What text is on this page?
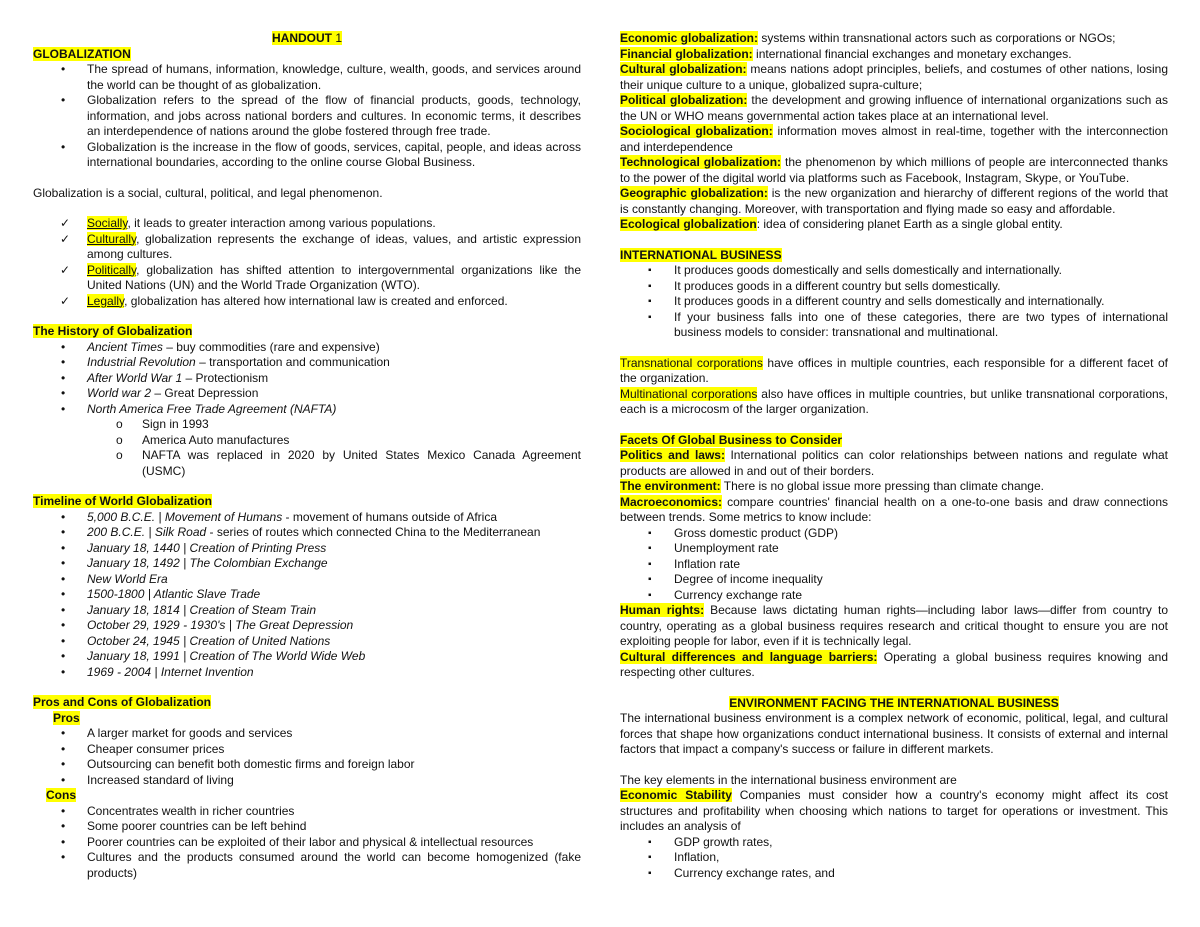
HANDOUT 1
GLOBALIZATION
• The spread of humans, information, knowledge, culture, wealth, goods, and services around the world can be thought of as globalization.
• Globalization refers to the spread of the flow of financial products, goods, technology, information, and jobs across national borders and cultures. In economic terms, it describes an interdependence of nations around the globe fostered through free trade.
• Globalization is the increase in the flow of goods, services, capital, people, and ideas across international boundaries, according to the online course Global Business.

Globalization is a social, cultural, political, and legal phenomenon.

✓ Socially, it leads to greater interaction among various populations.
✓ Culturally, globalization represents the exchange of ideas, values, and artistic expression among cultures.
✓ Politically, globalization has shifted attention to intergovernmental organizations like the United Nations (UN) and the World Trade Organization (WTO).
✓ Legally, globalization has altered how international law is created and enforced.
The History of Globalization
• Ancient Times – buy commodities (rare and expensive)
• Industrial Revolution – transportation and communication
• After World War 1 – Protectionism
• World war 2 – Great Depression
• North America Free Trade Agreement (NAFTA)
o Sign in 1993
o America Auto manufactures
o NAFTA was replaced in 2020 by United States Mexico Canada Agreement (USMC)
Timeline of World Globalization
• 5,000 B.C.E. | Movement of Humans - movement of humans outside of Africa
• 200 B.C.E. | Silk Road - series of routes which connected China to the Mediterranean
• January 18, 1440 | Creation of Printing Press
• January 18, 1492 | The Colombian Exchange
• New World Era
• 1500-1800 | Atlantic Slave Trade
• January 18, 1814 | Creation of Steam Train
• October 29, 1929 - 1930's | The Great Depression
• October 24, 1945 | Creation of United Nations
• January 18, 1991 | Creation of The World Wide Web
• 1969 - 2004 | Internet Invention
Pros and Cons of Globalization
Pros
• A larger market for goods and services
• Cheaper consumer prices
• Outsourcing can benefit both domestic firms and foreign labor
• Increased standard of living
Cons
• Concentrates wealth in richer countries
• Some poorer countries can be left behind
• Poorer countries can be exploited of their labor and physical & intellectual resources
• Cultures and the products consumed around the world can become homogenized (fake products)

Economic globalization: systems within transnational actors such as corporations or NGOs;

Financial globalization: international financial exchanges and monetary exchanges.

Cultural globalization: means nations adopt principles, beliefs, and costumes of other nations, losing their unique culture to a unique, globalized supra-culture;

Political globalization: the development and growing influence of international organizations such as the UN or WHO means governmental action takes place at an international level.

Sociological globalization: information moves almost in real-time, together with the interconnection and interdependence

Technological globalization: the phenomenon by which millions of people are interconnected thanks to the power of the digital world via platforms such as Facebook, Instagram, Skype, or YouTube.

Geographic globalization: is the new organization and hierarchy of different regions of the world that is constantly changing. Moreover, with transportation and flying made so easy and affordable.

Ecological globalization: idea of considering planet Earth as a single global entity.

INTERNATIONAL BUSINESS
▪ It produces goods domestically and sells domestically and internationally.
▪ It produces goods in a different country but sells domestically.
▪ It produces goods in a different country and sells domestically and internationally.
▪ If your business falls into one of these categories, there are two types of international business models to consider: transnational and multinational.

Transnational corporations have offices in multiple countries, each responsible for a different facet of the organization.

Multinational corporations also have offices in multiple countries, but unlike transnational corporations, each is a microcosm of the larger organization.

Facets Of Global Business to Consider

Politics and laws: International politics can color relationships between nations and regulate what products are allowed in and out of their borders.

The environment: There is no global issue more pressing than climate change.

Macroeconomics: compare countries' financial health on a one-to-one basis and draw connections between trends. Some metrics to know include:

▪ Gross domestic product (GDP)
▪ Unemployment rate
▪ Inflation rate
▪ Degree of income inequality
▪ Currency exchange rate

Human rights: Because laws dictating human rights—including labor laws—differ from country to country, operating as a global business requires research and critical thought to ensure you are not exploiting people for labor, even if it is technically legal.

Cultural differences and language barriers: Operating a global business requires knowing and respecting other cultures.

ENVIRONMENT FACING THE INTERNATIONAL BUSINESS

The international business environment is a complex network of economic, political, legal, and cultural forces that shape how organizations conduct international business. It consists of external and internal factors that impact a company's success or failure in different markets.

The key elements in the international business environment are

Economic Stability Companies must consider how a country's economy might affect its cost structures and profitability when choosing which nations to target for operations or investment. This includes an analysis of

▪ GDP growth rates,
▪ Inflation,
▪ Currency exchange rates, and
